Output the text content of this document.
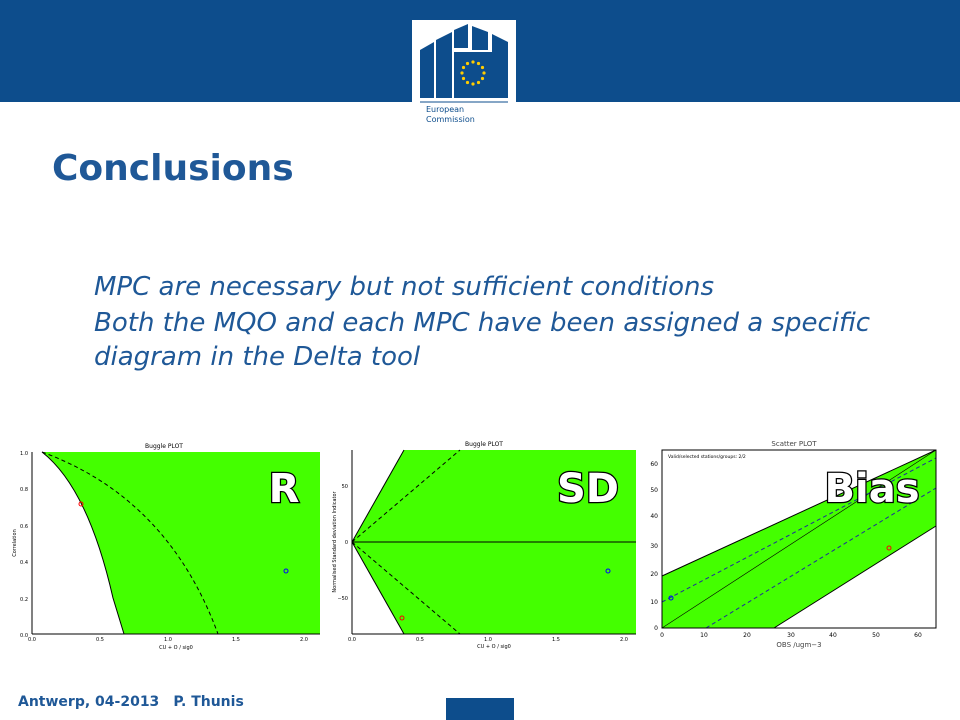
European
Commission
Conclusions

MPC are necessary but not sufficient conditions

Both the MQO and each MPC have been assigned a specific diagram in the Delta tool

Buggle PLOT
1.0
0.8
0.6
0.4
0.2
0.0
0.0	0.5	1.0	1.5	2.0
CU + O / sig0
Correlation
R
Buggle PLOT
50
0
−50
0.0	0.5	1.0	1.5	2.0
CU + O / sig0
Normalised Standard deviation Indicator
SD
Scatter PLOT
Valid/selected stations/groups: 2/2
60
50
40
30
20
10
0
0	10	20	30	40	50	60
OBS /ugm−3
Bias
Antwerp, 04-2013 P. Thunis
